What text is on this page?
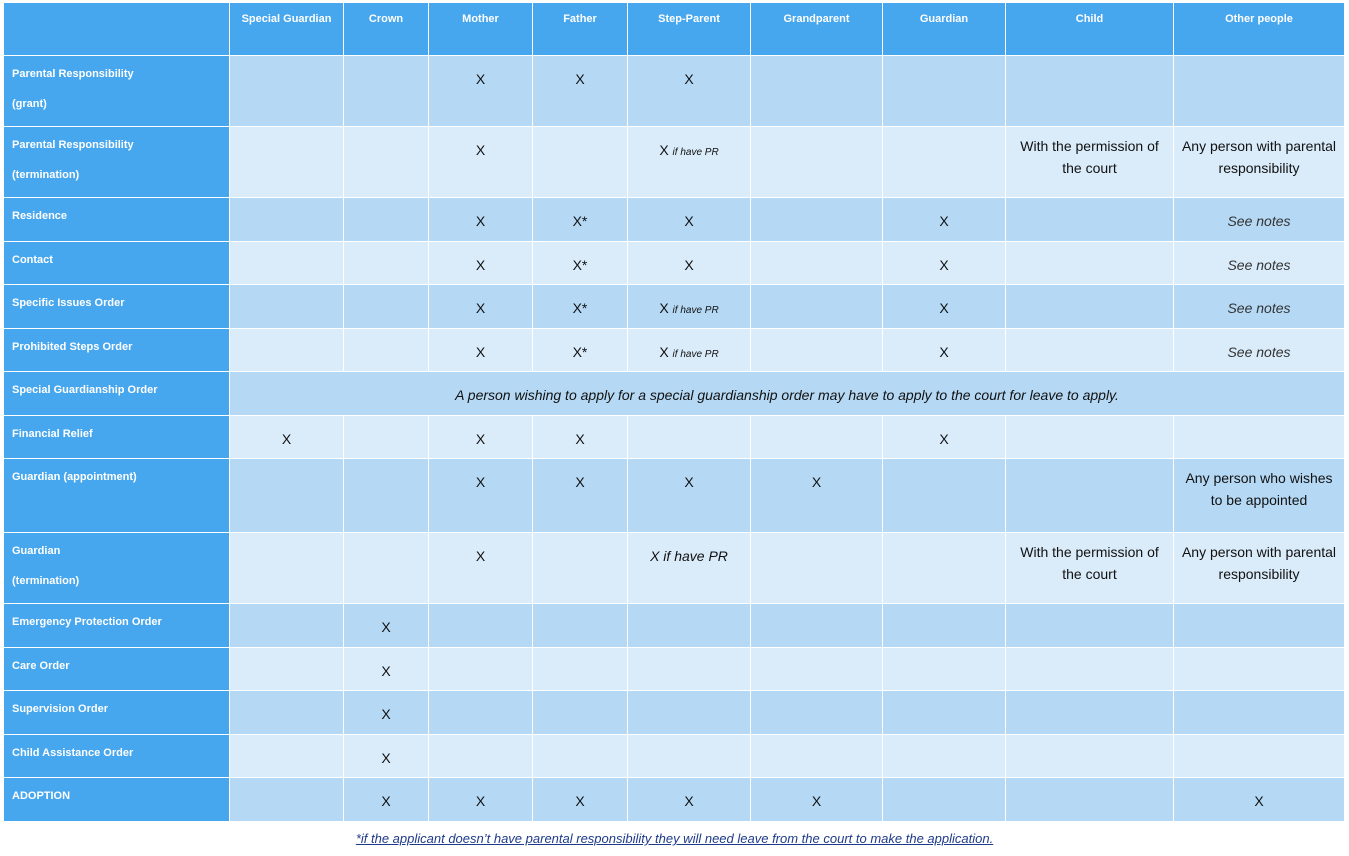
	Special Guardian	Crown	Mother	Father	Step-Parent	Grandparent	Guardian	Child	Other people

Parental Responsibility
(grant)			X	X	X				

Parental Responsibility
(termination)			X		X if have PR			With the permission of the court	Any person with parental responsibility
Residence			X	X*	X		X		See notes
Contact			X	X*	X		X		See notes
Specific Issues Order			X	X*	X if have PR		X		See notes
Prohibited Steps Order			X	X*	X if have PR		X		See notes
Special Guardianship Order	A person wishing to apply for a special guardianship order may have to apply to the court for leave to apply.								
Financial Relief	X		X	X			X		
Guardian (appointment)			X	X	X	X			Any person who wishes to be appointed

Guardian
(termination)			X		X if have PR			With the permission of the court	Any person with parental responsibility
Emergency Protection Order		X							
Care Order		X							
Supervision Order		X							
Child Assistance Order		X							
ADOPTION		X	X	X	X	X			X
*if the applicant doesn’t have parental responsibility they will need leave from the court to make the application.
